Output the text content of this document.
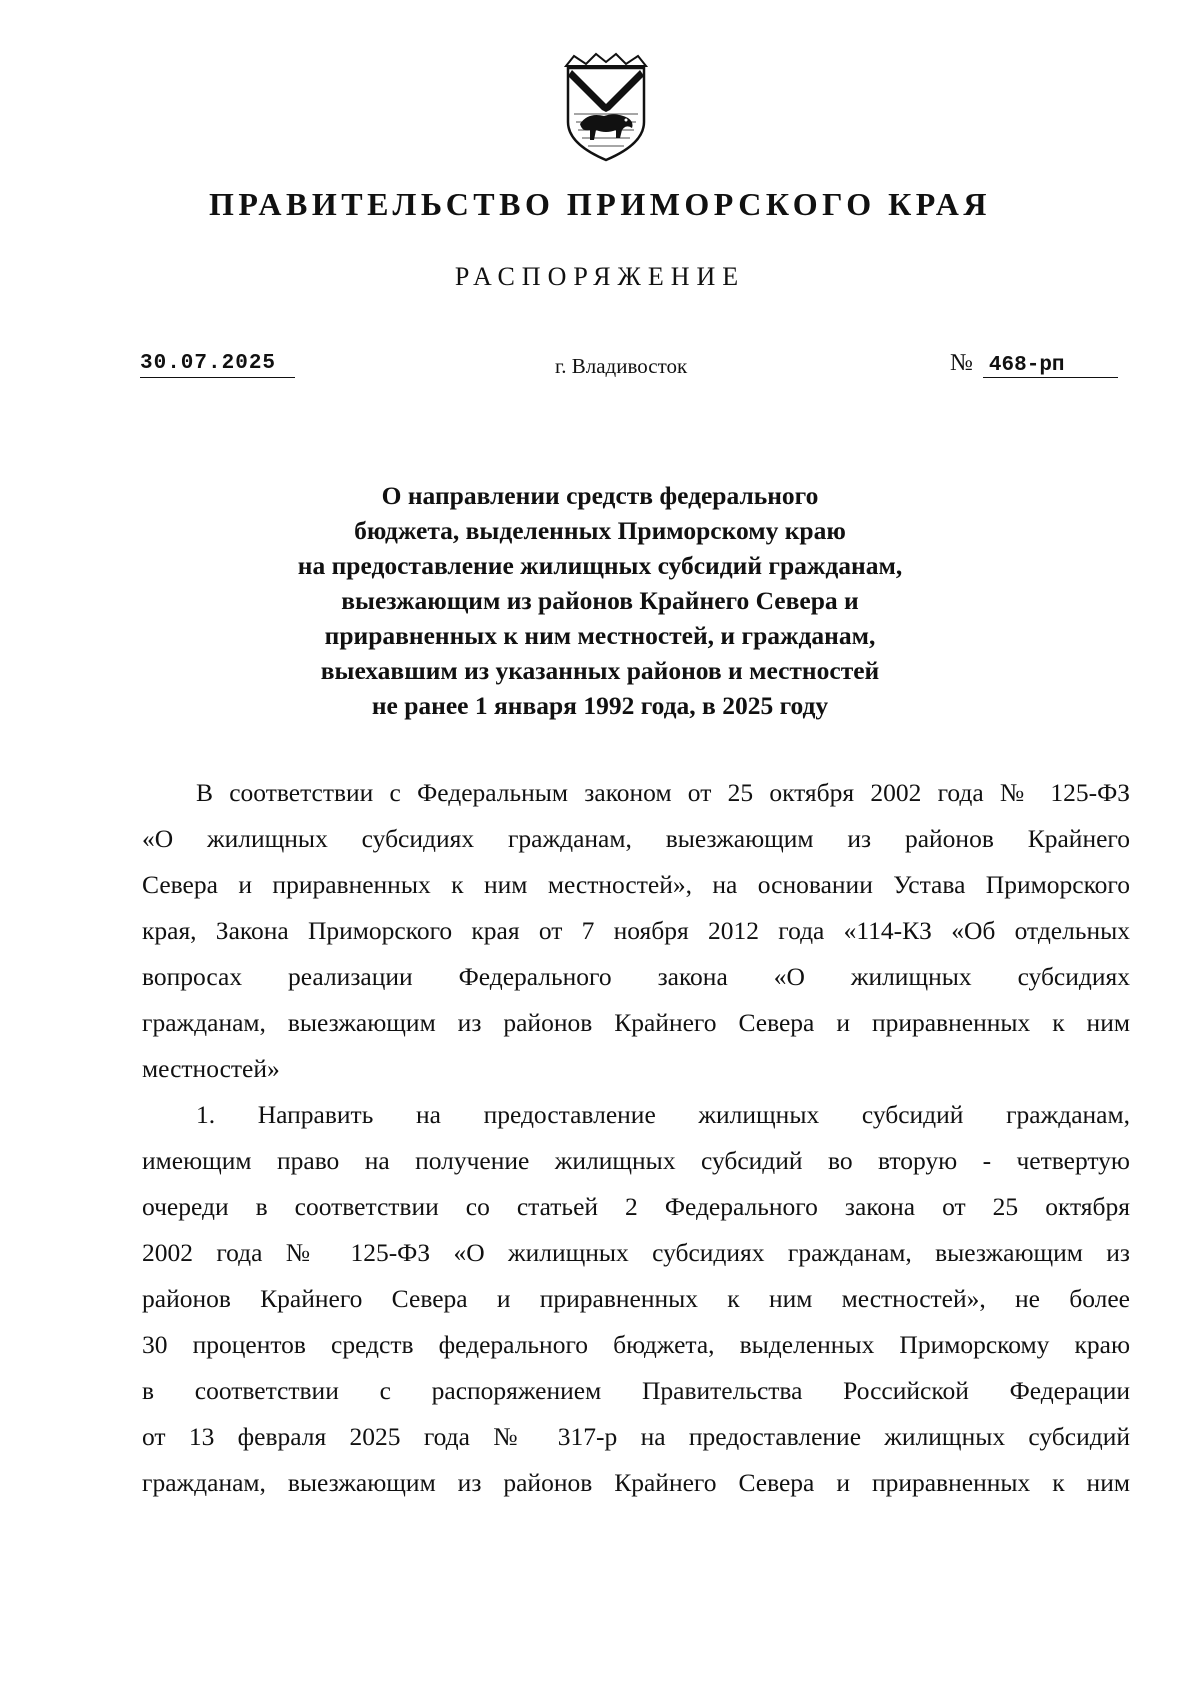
ПРАВИТЕЛЬСТВО ПРИМОРСКОГО КРАЯ
РАСПОРЯЖЕНИЕ
30.07.2025	г. Владивосток	№ 468-рп
О направлении средств федерального
бюджета, выделенных Приморскому краю
на предоставление жилищных субсидий гражданам,
выезжающим из районов Крайнего Севера и
приравненных к ним местностей, и гражданам,
выехавшим из указанных районов и местностей
не ранее 1 января 1992 года, в 2025 году
В соответствии с Федеральным законом от 25 октября 2002 года № 125-ФЗ
«О жилищных субсидиях гражданам, выезжающим из районов Крайнего
Севера и приравненных к ним местностей», на основании Устава Приморского
края, Закона Приморского края от 7 ноября 2012 года «114-КЗ «Об отдельных
вопросах реализации Федерального закона «О жилищных субсидиях
гражданам, выезжающим из районов Крайнего Севера и приравненных к ним
местностей»
1. Направить на предоставление жилищных субсидий гражданам,
имеющим право на получение жилищных субсидий во вторую - четвертую
очереди в соответствии со статьей 2 Федерального закона от 25 октября
2002 года № 125-ФЗ «О жилищных субсидиях гражданам, выезжающим из
районов Крайнего Севера и приравненных к ним местностей», не более
30 процентов средств федерального бюджета, выделенных Приморскому краю
в соответствии с распоряжением Правительства Российской Федерации
от 13 февраля 2025 года № 317-р на предоставление жилищных субсидий
гражданам, выезжающим из районов Крайнего Севера и приравненных к ним
